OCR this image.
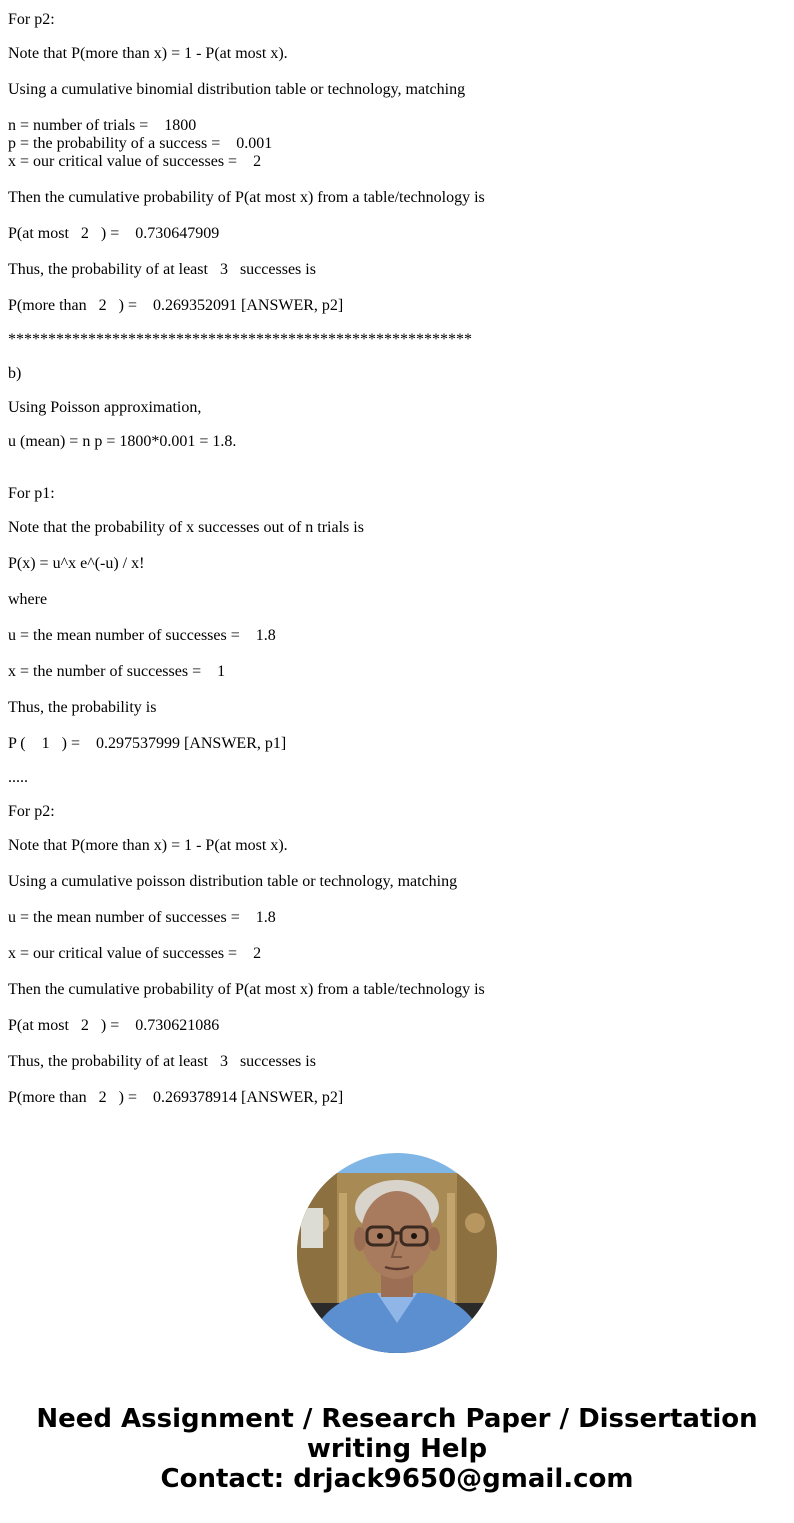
For p2:
Note that P(more than x) = 1 - P(at most x).
Using a cumulative binomial distribution table or technology, matching
n = number of trials =    1800
p = the probability of a success =    0.001
x = our critical value of successes =    2
Then the cumulative probability of P(at most x) from a table/technology is
P(at most   2   ) =    0.730647909
Thus, the probability of at least   3   successes is
P(more than   2   ) =    0.269352091 [ANSWER, p2]
**********************************************************
b)
Using Poisson approximation,
u (mean) = n p = 1800*0.001 = 1.8.
For p1:
Note that the probability of x successes out of n trials is
P(x) = u^x e^(-u) / x!
where
u = the mean number of successes =    1.8
x = the number of successes =    1
Thus, the probability is
P (    1   ) =    0.297537999 [ANSWER, p1]
.....
For p2:
Note that P(more than x) = 1 - P(at most x).
Using a cumulative poisson distribution table or technology, matching
u = the mean number of successes =    1.8
x = our critical value of successes =    2
Then the cumulative probability of P(at most x) from a table/technology is
P(at most   2   ) =    0.730621086
Thus, the probability of at least   3   successes is
P(more than   2   ) =    0.269378914 [ANSWER, p2]
Need Assignment / Research Paper / Dissertation
writing Help
Contact: drjack9650@gmail.com
